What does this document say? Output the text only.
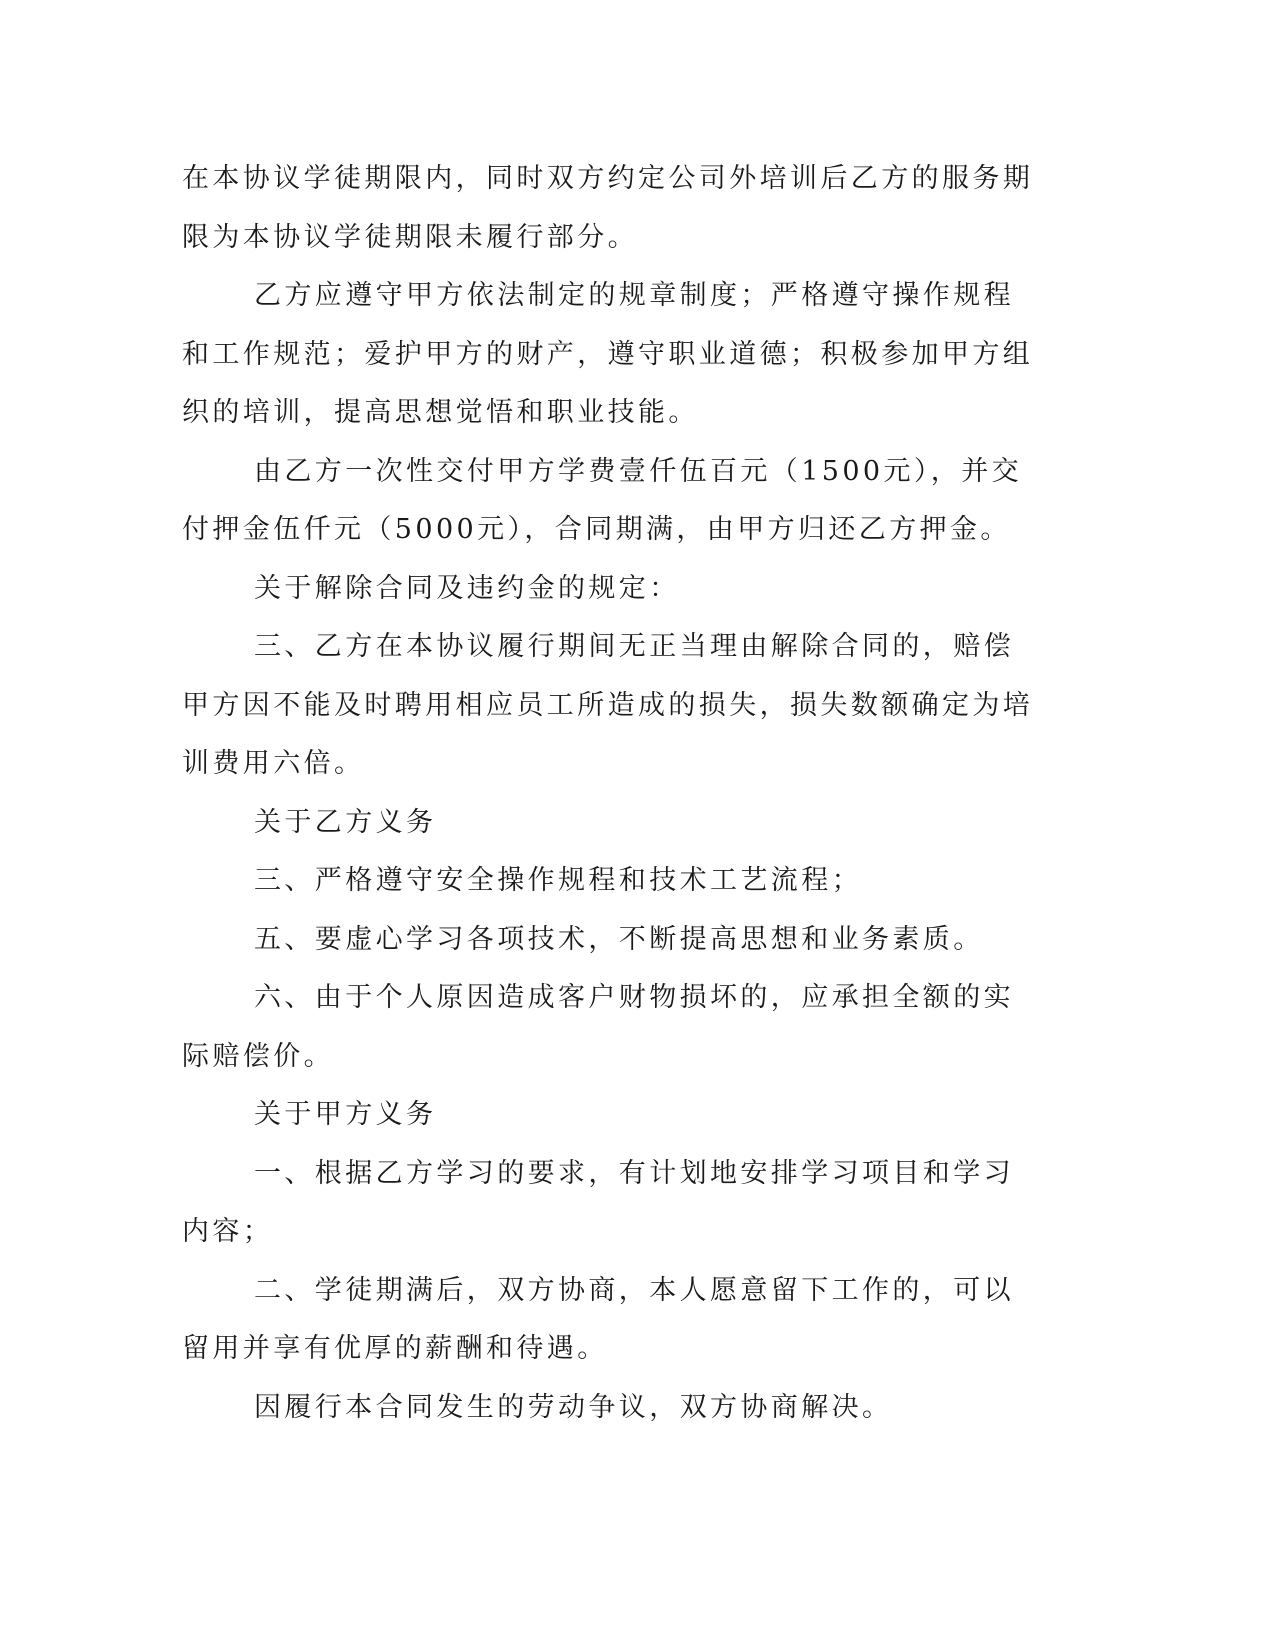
在本协议学徒期限内，同时双方约定公司外培训后乙方的服务期限为本协议学徒期限未履行部分。

乙方应遵守甲方依法制定的规章制度；严格遵守操作规程和工作规范；爱护甲方的财产，遵守职业道德；积极参加甲方组织的培训，提高思想觉悟和职业技能。

由乙方一次性交付甲方学费壹仟伍百元（1500元），并交付押金伍仟元（5000元），合同期满，由甲方归还乙方押金。

关于解除合同及违约金的规定：

三、乙方在本协议履行期间无正当理由解除合同的，赔偿甲方因不能及时聘用相应员工所造成的损失，损失数额确定为培训费用六倍。

关于乙方义务

三、严格遵守安全操作规程和技术工艺流程；

五、要虚心学习各项技术，不断提高思想和业务素质。

六、由于个人原因造成客户财物损坏的，应承担全额的实际赔偿价。

关于甲方义务

一、根据乙方学习的要求，有计划地安排学习项目和学习内容；

二、学徒期满后，双方协商，本人愿意留下工作的，可以留用并享有优厚的薪酬和待遇。

因履行本合同发生的劳动争议，双方协商解决。
